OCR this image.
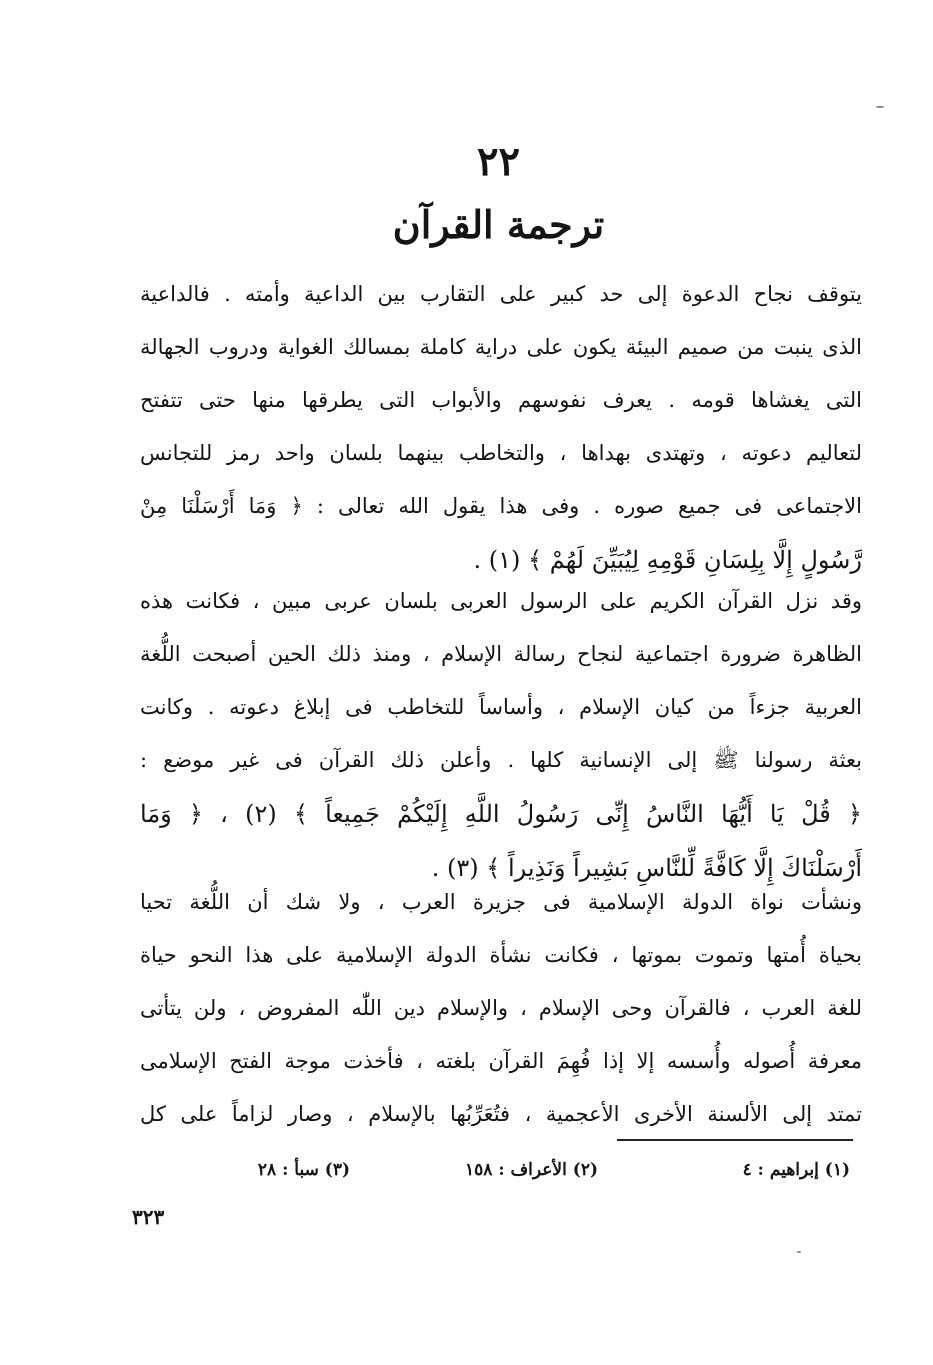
٢٢
ترجمة القرآن
يتوقف نجاح الدعوة إلى حد كبير على التقارب بين الداعية وأمته . فالداعية
الذى ينبت من صميم البيئة يكون على دراية كاملة بمسالك الغواية ودروب الجهالة
التى يغشاها قومه . يعرف نفوسهم والأبواب التى يطرقها منها حتى تتفتح
لتعاليم دعوته ، وتهتدى بهداها ، والتخاطب بينهما بلسان واحد رمز للتجانس
الاجتماعى فى جميع صوره . وفى هذا يقول الله تعالى : ﴿ وَمَا أَرْسَلْنَا مِنْ
رَّسُولٍ إِلَّا بِلِسَانِ قَوْمِهِ لِيُبَيِّنَ لَهُمْ ﴾ (١) .
وقد نزل القرآن الكريم على الرسول العربى بلسان عربى مبين ، فكانت هذه
الظاهرة ضرورة اجتماعية لنجاح رسالة الإسلام ، ومنذ ذلك الحين أصبحت اللُّغة
العربية جزءاً من كيان الإسلام ، وأساساً للتخاطب فى إبلاغ دعوته . وكانت
بعثة رسولنا ﷺ إلى الإنسانية كلها . وأعلن ذلك القرآن فى غير موضع :
﴿ قُلْ يَا أَيُّهَا النَّاسُ إِنِّى رَسُولُ اللَّهِ إِلَيْكُمْ جَمِيعاً ﴾ (٢) ، ﴿ وَمَا
أَرْسَلْنَاكَ إِلَّا كَافَّةً لِّلنَّاسِ بَشِيراً وَنَذِيراً ﴾ (٣) .
ونشأت نواة الدولة الإسلامية فى جزيرة العرب ، ولا شك أن اللُّغة تحيا
بحياة أُمتها وتموت بموتها ، فكانت نشأة الدولة الإسلامية على هذا النحو حياة
للغة العرب ، فالقرآن وحى الإسلام ، والإسلام دين اللّٰه المفروض ، ولن يتأتى
معرفة أُصوله وأُسسه إلا إذا فُهِمَ القرآن بلغته ، فأخذت موجة الفتح الإسلامى
تمتد إلى الألسنة الأخرى الأعجمية ، فتُعَرِّبُها بالإسلام ، وصار لزاماً على كل
(١) إبراهيم : ٤
(٢) الأعراف : ١٥٨
(٣) سبأ : ٢٨
٣٢٣
